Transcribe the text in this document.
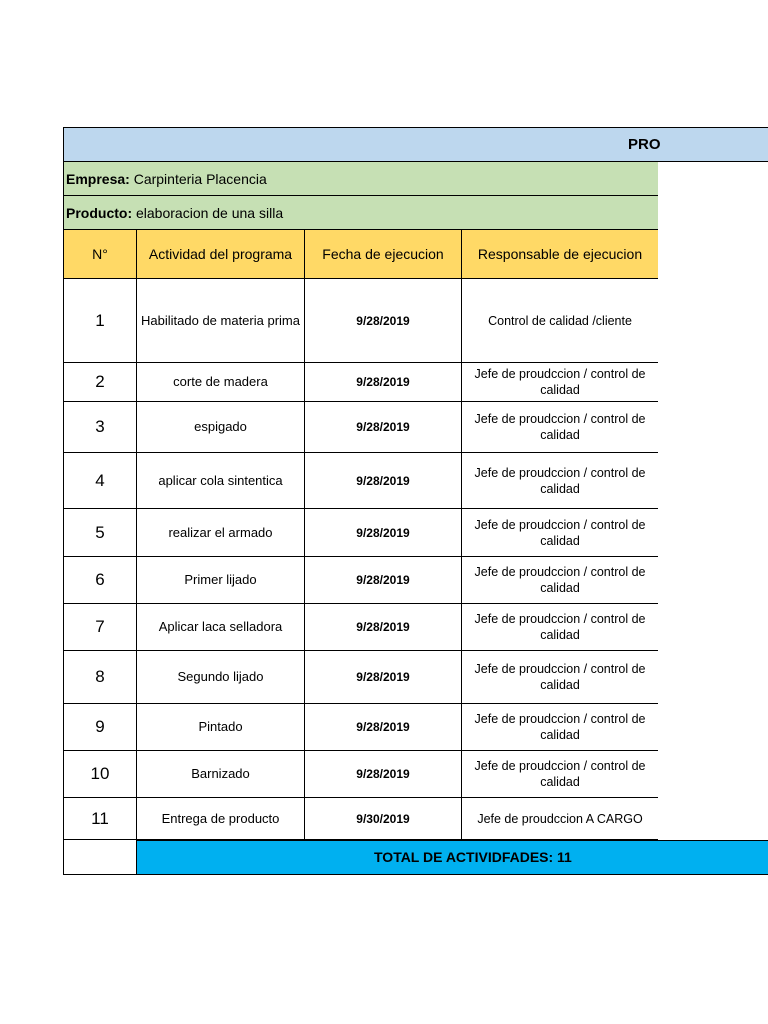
PRO
Empresa: Carpinteria Placencia			
Producto: elaboracion de una silla			
N°	Actividad del programa	Fecha de ejecucion	Responsable de ejecucion
1	Habilitado de materia prima	9/28/2019	Control de calidad /cliente
2	corte de madera	9/28/2019	Jefe de proudccion / control de calidad
3	espigado	9/28/2019	Jefe de proudccion / control de calidad
4	aplicar cola sintentica	9/28/2019	Jefe de proudccion / control de calidad
5	realizar el armado	9/28/2019	Jefe de proudccion / control de calidad
6	Primer lijado	9/28/2019	Jefe de proudccion / control de calidad
7	Aplicar laca selladora	9/28/2019	Jefe de proudccion / control de calidad
8	Segundo lijado	9/28/2019	Jefe de proudccion / control de calidad
9	Pintado	9/28/2019	Jefe de proudccion / control de calidad
10	Barnizado	9/28/2019	Jefe de proudccion / control de calidad
11	Entrega de producto	9/30/2019	Jefe de proudccion A CARGO

TOTAL DE ACTIVIDFADES: 11
